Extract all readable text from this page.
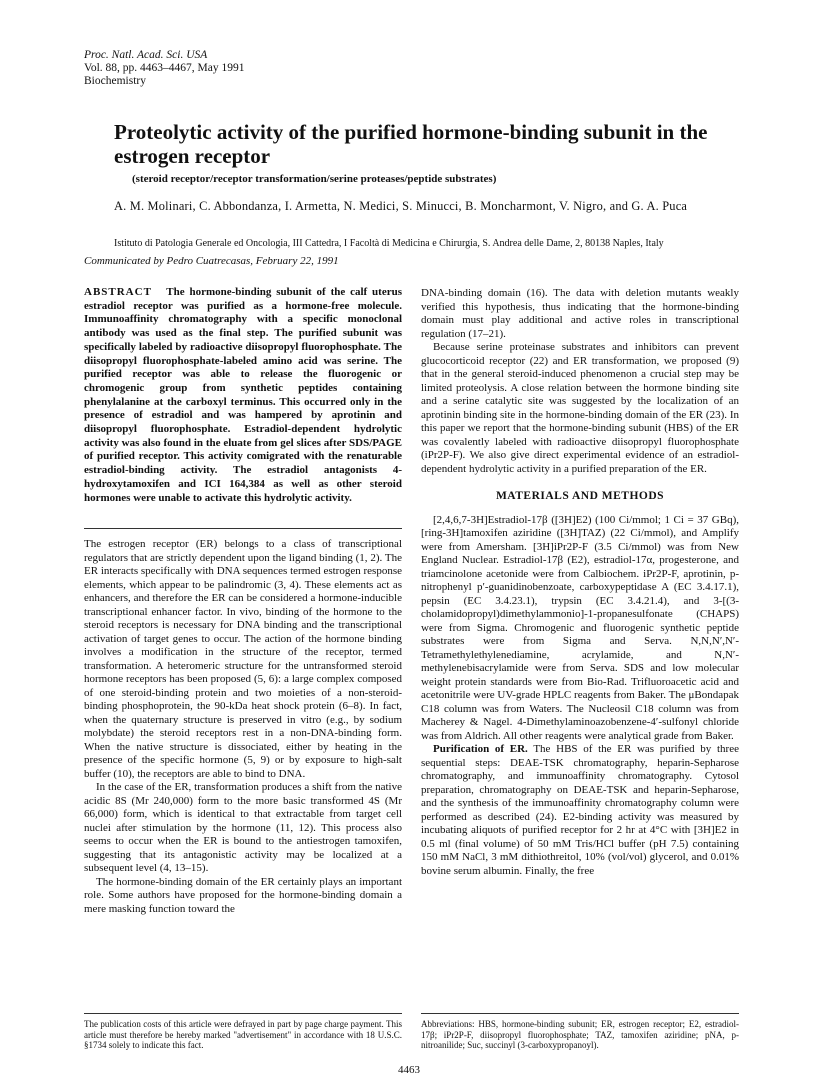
Proc. Natl. Acad. Sci. USA
Vol. 88, pp. 4463–4467, May 1991
Biochemistry
Proteolytic activity of the purified hormone-binding subunit in the estrogen receptor
(steroid receptor/receptor transformation/serine proteases/peptide substrates)
A. M. Molinari, C. Abbondanza, I. Armetta, N. Medici, S. Minucci, B. Moncharmont, V. Nigro, and G. A. Puca
Istituto di Patologia Generale ed Oncologia, III Cattedra, I Facoltà di Medicina e Chirurgia, S. Andrea delle Dame, 2, 80138 Naples, Italy
Communicated by Pedro Cuatrecasas, February 22, 1991
ABSTRACT The hormone-binding subunit of the calf uterus estradiol receptor was purified as a hormone-free molecule. Immunoaffinity chromatography with a specific monoclonal antibody was used as the final step. The purified subunit was specifically labeled by radioactive diisopropyl fluorophosphate. The diisopropyl fluorophosphate-labeled amino acid was serine. The purified receptor was able to release the fluorogenic or chromogenic group from synthetic peptides containing phenylalanine at the carboxyl terminus. This occurred only in the presence of estradiol and was hampered by aprotinin and diisopropyl fluorophosphate. Estradiol-dependent hydrolytic activity was also found in the eluate from gel slices after SDS/PAGE of purified receptor. This activity comigrated with the renaturable estradiol-binding activity. The estradiol antagonists 4-hydroxytamoxifen and ICI 164,384 as well as other steroid hormones were unable to activate this hydrolytic activity.

The estrogen receptor (ER) belongs to a class of transcriptional regulators that are strictly dependent upon the ligand binding (1, 2). The ER interacts specifically with DNA sequences termed estrogen response elements, which appear to be palindromic (3, 4). These elements act as enhancers, and therefore the ER can be considered a hormone-inducible transcriptional enhancer factor. In vivo, binding of the hormone to the steroid receptors is necessary for DNA binding and the transcriptional activation of target genes to occur. The action of the hormone binding involves a modification in the structure of the receptor, termed transformation. A heteromeric structure for the untransformed steroid hormone receptors has been proposed (5, 6): a large complex composed of one steroid-binding protein and two moieties of a non-steroid-binding phosphoprotein, the 90-kDa heat shock protein (6–8). In fact, when the quaternary structure is preserved in vitro (e.g., by sodium molybdate) the steroid receptors rest in a non-DNA-binding form. When the native structure is dissociated, either by heating in the presence of the specific hormone (5, 9) or by exposure to high-salt buffer (10), the receptors are able to bind to DNA.

In the case of the ER, transformation produces a shift from the native acidic 8S (Mr 240,000) form to the more basic transformed 4S (Mr 66,000) form, which is identical to that extractable from target cell nuclei after stimulation by the hormone (11, 12). This process also seems to occur when the ER is bound to the antiestrogen tamoxifen, suggesting that its antagonistic activity may be localized at a subsequent level (4, 13–15).

The hormone-binding domain of the ER certainly plays an important role. Some authors have proposed for the hormone-binding domain a mere masking function toward the

DNA-binding domain (16). The data with deletion mutants weakly verified this hypothesis, thus indicating that the hormone-binding domain must play additional and active roles in transcriptional regulation (17–21).

Because serine proteinase substrates and inhibitors can prevent glucocorticoid receptor (22) and ER transformation, we proposed (9) that in the general steroid-induced phenomenon a crucial step may be limited proteolysis. A close relation between the hormone binding site and a serine catalytic site was suggested by the localization of an aprotinin binding site in the hormone-binding domain of the ER (23). In this paper we report that the hormone-binding subunit (HBS) of the ER was covalently labeled with radioactive diisopropyl fluorophosphate (iPr2P-F). We also give direct experimental evidence of an estradiol-dependent hydrolytic activity in a purified preparation of the ER.

MATERIALS AND METHODS

[2,4,6,7-3H]Estradiol-17β ([3H]E2) (100 Ci/mmol; 1 Ci = 37 GBq), [ring-3H]tamoxifen aziridine ([3H]TAZ) (22 Ci/mmol), and Amplify were from Amersham. [3H]iPr2P-F (3.5 Ci/mmol) was from New England Nuclear. Estradiol-17β (E2), estradiol-17α, progesterone, and triamcinolone acetonide were from Calbiochem. iPr2P-F, aprotinin, p-nitrophenyl p′-guanidinobenzoate, carboxypeptidase A (EC 3.4.17.1), pepsin (EC 3.4.23.1), trypsin (EC 3.4.21.4), and 3-[(3-cholamidopropyl)dimethylammonio]-1-propanesulfonate (CHAPS) were from Sigma. Chromogenic and fluorogenic synthetic peptide substrates were from Sigma and Serva. N,N,N′,N′-Tetramethylethylenediamine, acrylamide, and N,N′-methylenebisacrylamide were from Serva. SDS and low molecular weight protein standards were from Bio-Rad. Trifluoroacetic acid and acetonitrile were UV-grade HPLC reagents from Baker. The μBondapak C18 column was from Waters. The Nucleosil C18 column was from Macherey & Nagel. 4-Dimethylaminoazobenzene-4′-sulfonyl chloride was from Aldrich. All other reagents were analytical grade from Baker.

Purification of ER. The HBS of the ER was purified by three sequential steps: DEAE-TSK chromatography, heparin-Sepharose chromatography, and immunoaffinity chromatography. Cytosol preparation, chromatography on DEAE-TSK and heparin-Sepharose, and the synthesis of the immunoaffinity chromatography column were performed as described (24). E2-binding activity was measured by incubating aliquots of purified receptor for 2 hr at 4°C with [3H]E2 in 0.5 ml (final volume) of 50 mM Tris/HCl buffer (pH 7.5) containing 150 mM NaCl, 3 mM dithiothreitol, 10% (vol/vol) glycerol, and 0.01% bovine serum albumin. Finally, the free

The publication costs of this article were defrayed in part by page charge payment. This article must therefore be hereby marked "advertisement" in accordance with 18 U.S.C. §1734 solely to indicate this fact.
Abbreviations: HBS, hormone-binding subunit; ER, estrogen receptor; E2, estradiol-17β; iPr2P-F, diisopropyl fluorophosphate; TAZ, tamoxifen aziridine; pNA, p-nitroanilide; Suc, succinyl (3-carboxypropanoyl).
4463
